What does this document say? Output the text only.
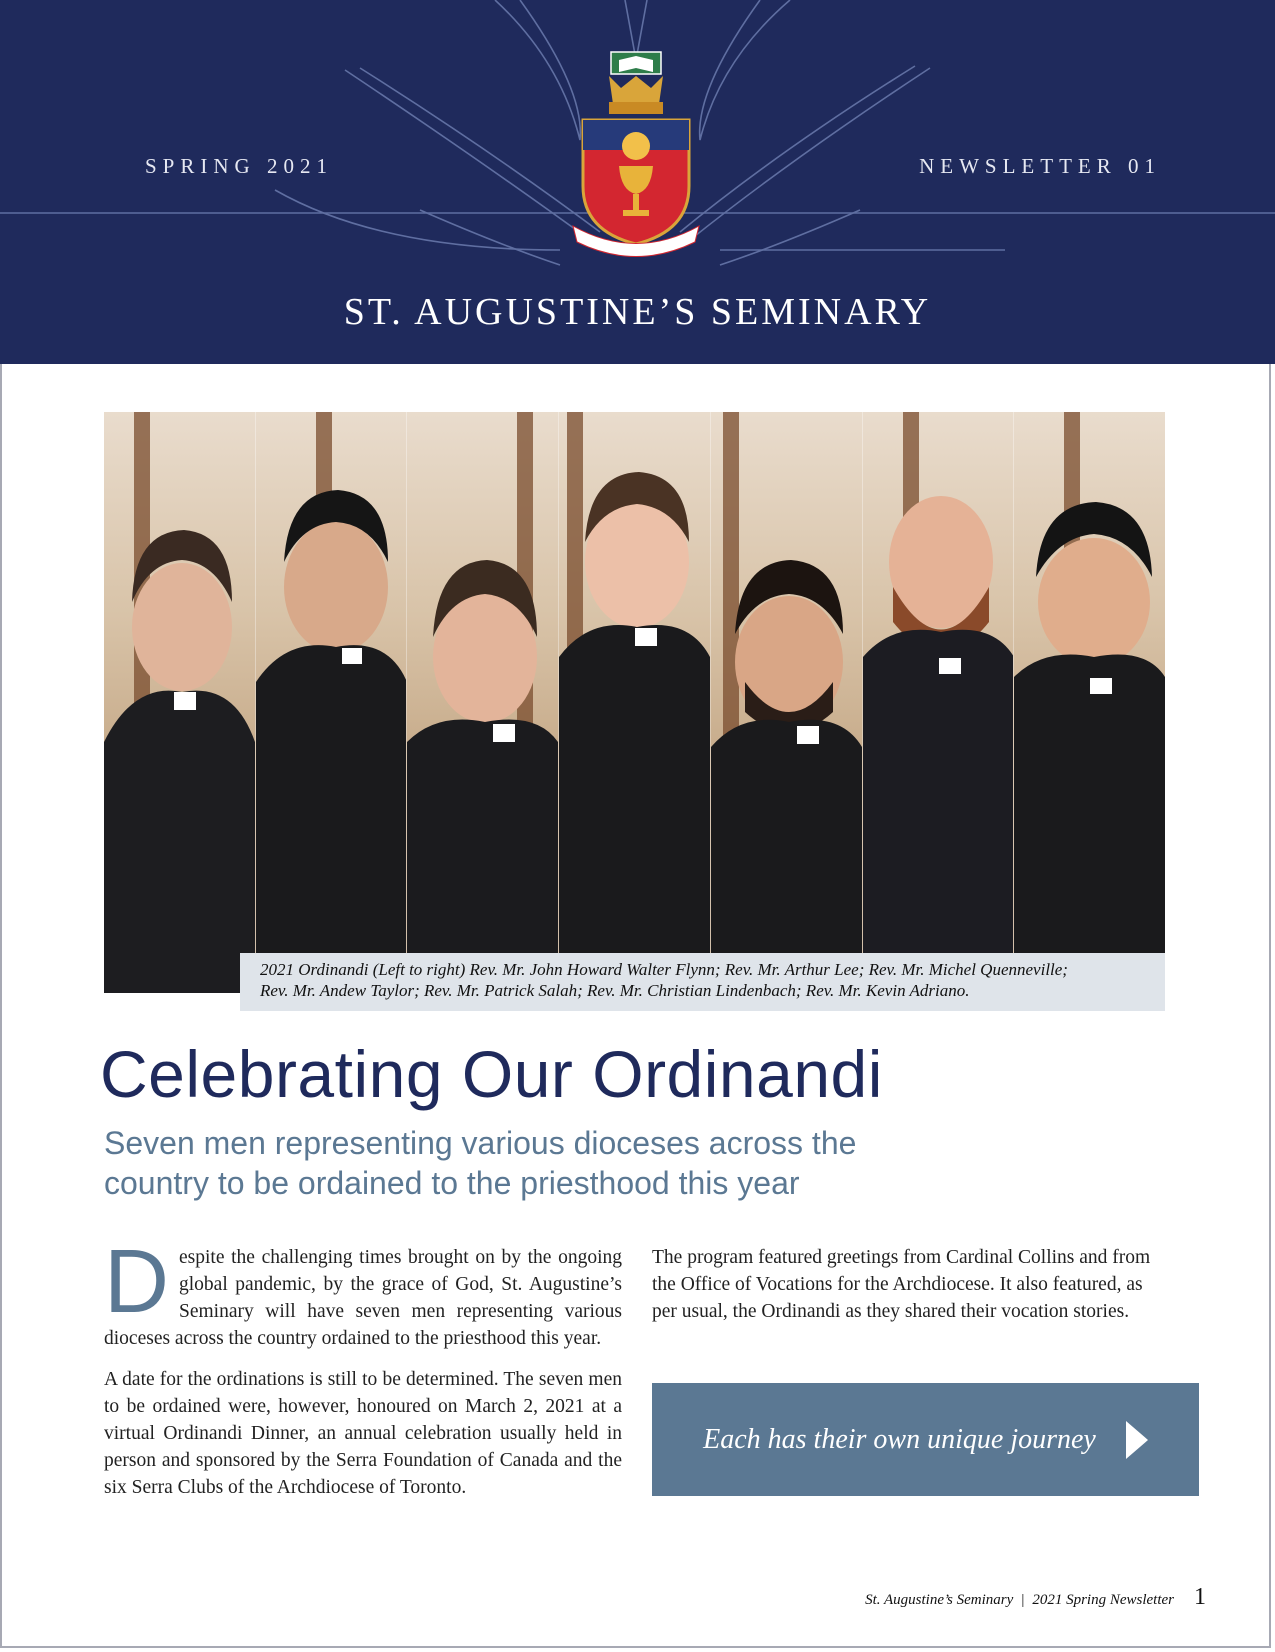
SPRING 2021	NEWSLETTER 01
ST. AUGUSTINE’S SEMINARY
2021 Ordinandi (Left to right) Rev. Mr. John Howard Walter Flynn; Rev. Mr. Arthur Lee; Rev. Mr. Michel Quenneville;
Rev. Mr. Andew Taylor; Rev. Mr. Patrick Salah; Rev. Mr. Christian Lindenbach; Rev. Mr. Kevin Adriano.
Celebrating Our Ordinandi
Seven men representing various dioceses across the
country to be ordained to the priesthood this year

Despite the challenging times brought on by the ongoing global pandemic, by the grace of God, St. Augustine’s Seminary will have seven men representing various dioceses across the country ordained to the priesthood this year.

A date for the ordinations is still to be determined. The seven men to be ordained were, however, honoured on March 2, 2021 at a virtual Ordinandi Dinner, an annual celebration usually held in person and sponsored by the Serra Foundation of Canada and the six Serra Clubs of the Archdiocese of Toronto.

The program featured greetings from Cardinal Collins and from the Office of Vocations for the Archdiocese. It also featured, as per usual, the Ordinandi as they shared their vocation stories.

Each has their own unique journey
St. Augustine’s Seminary | 2021 Spring Newsletter 1
